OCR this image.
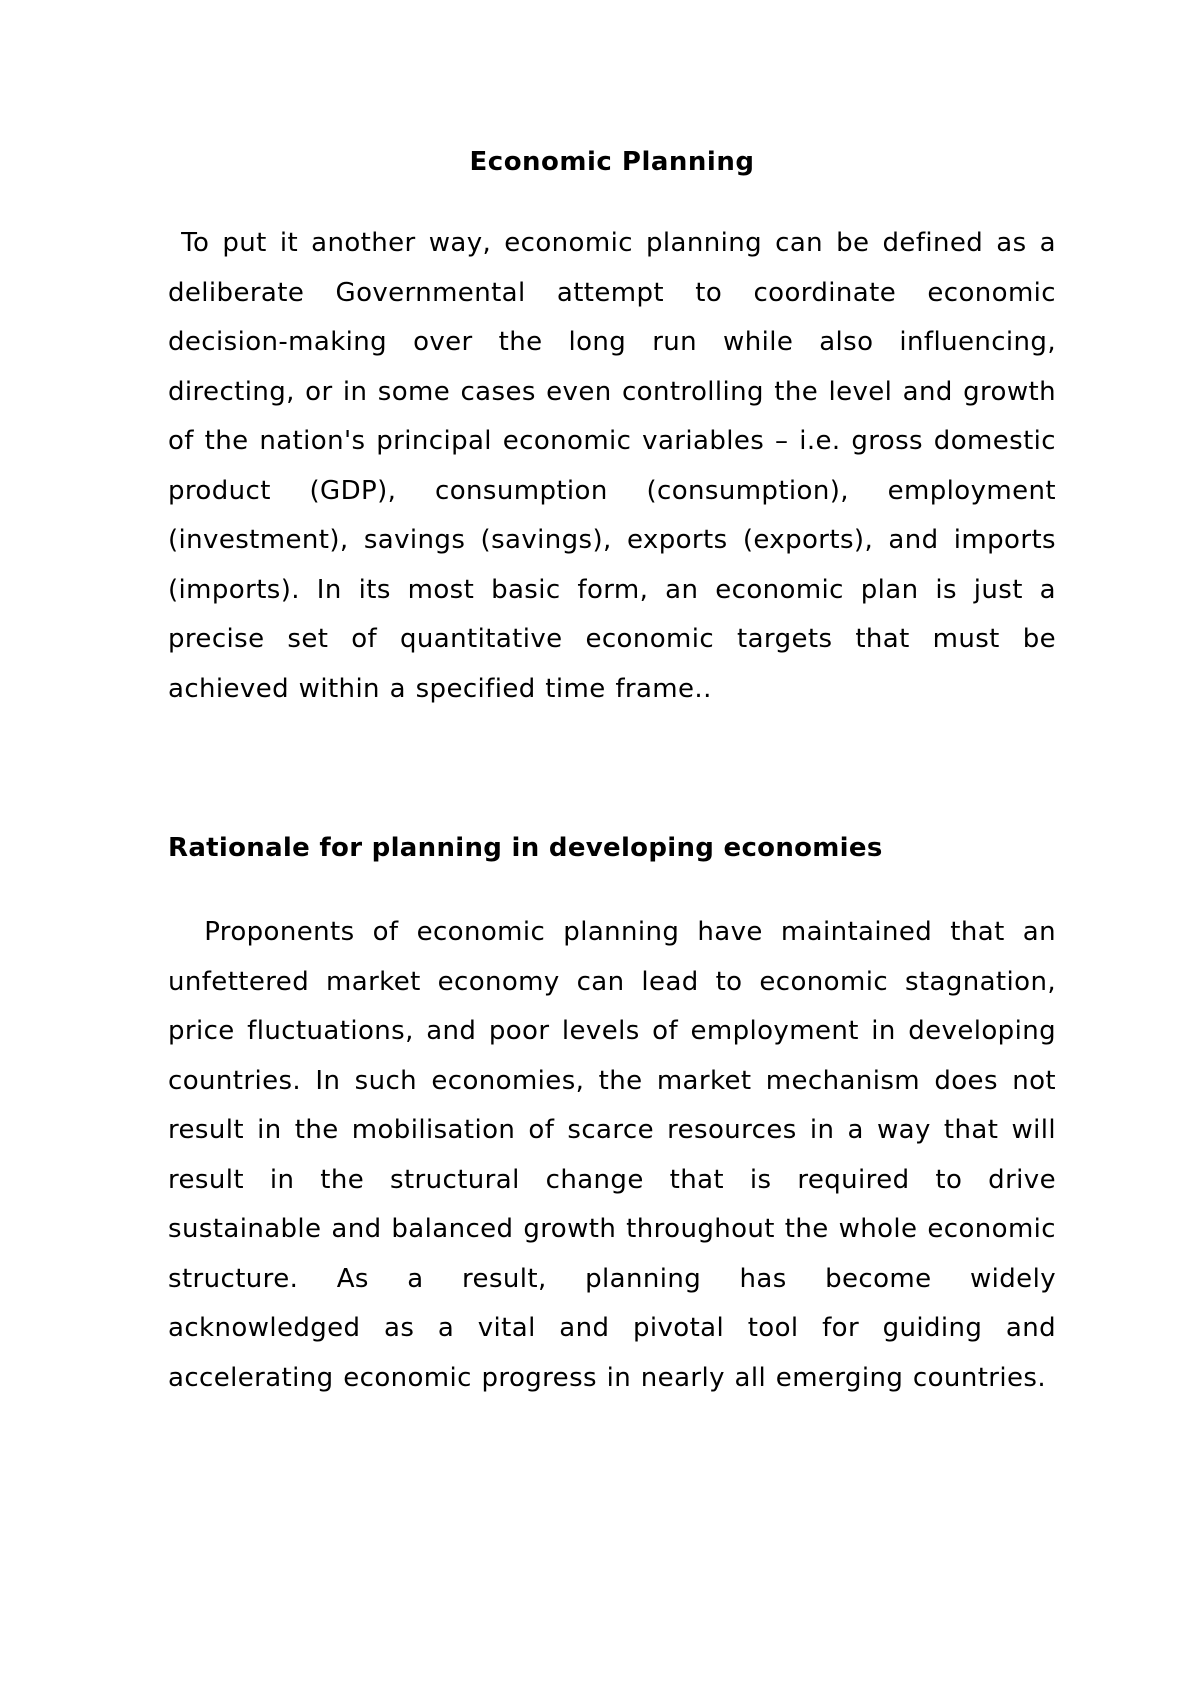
Economic Planning

To put it another way, economic planning can be defined as a deliberate Governmental attempt to coordinate economic decision-making over the long run while also influencing, directing, or in some cases even controlling the level and growth of the nation's principal economic variables – i.e. gross domestic product (GDP), consumption (consumption), employment (investment), savings (savings), exports (exports), and imports (imports). In its most basic form, an economic plan is just a precise set of quantitative economic targets that must be achieved within a specified time frame..

Rationale for planning in developing economies

Proponents of economic planning have maintained that an unfettered market economy can lead to economic stagnation, price fluctuations, and poor levels of employment in developing countries. In such economies, the market mechanism does not result in the mobilisation of scarce resources in a way that will result in the structural change that is required to drive sustainable and balanced growth throughout the whole economic structure. As a result, planning has become widely acknowledged as a vital and pivotal tool for guiding and accelerating economic progress in nearly all emerging countries.
